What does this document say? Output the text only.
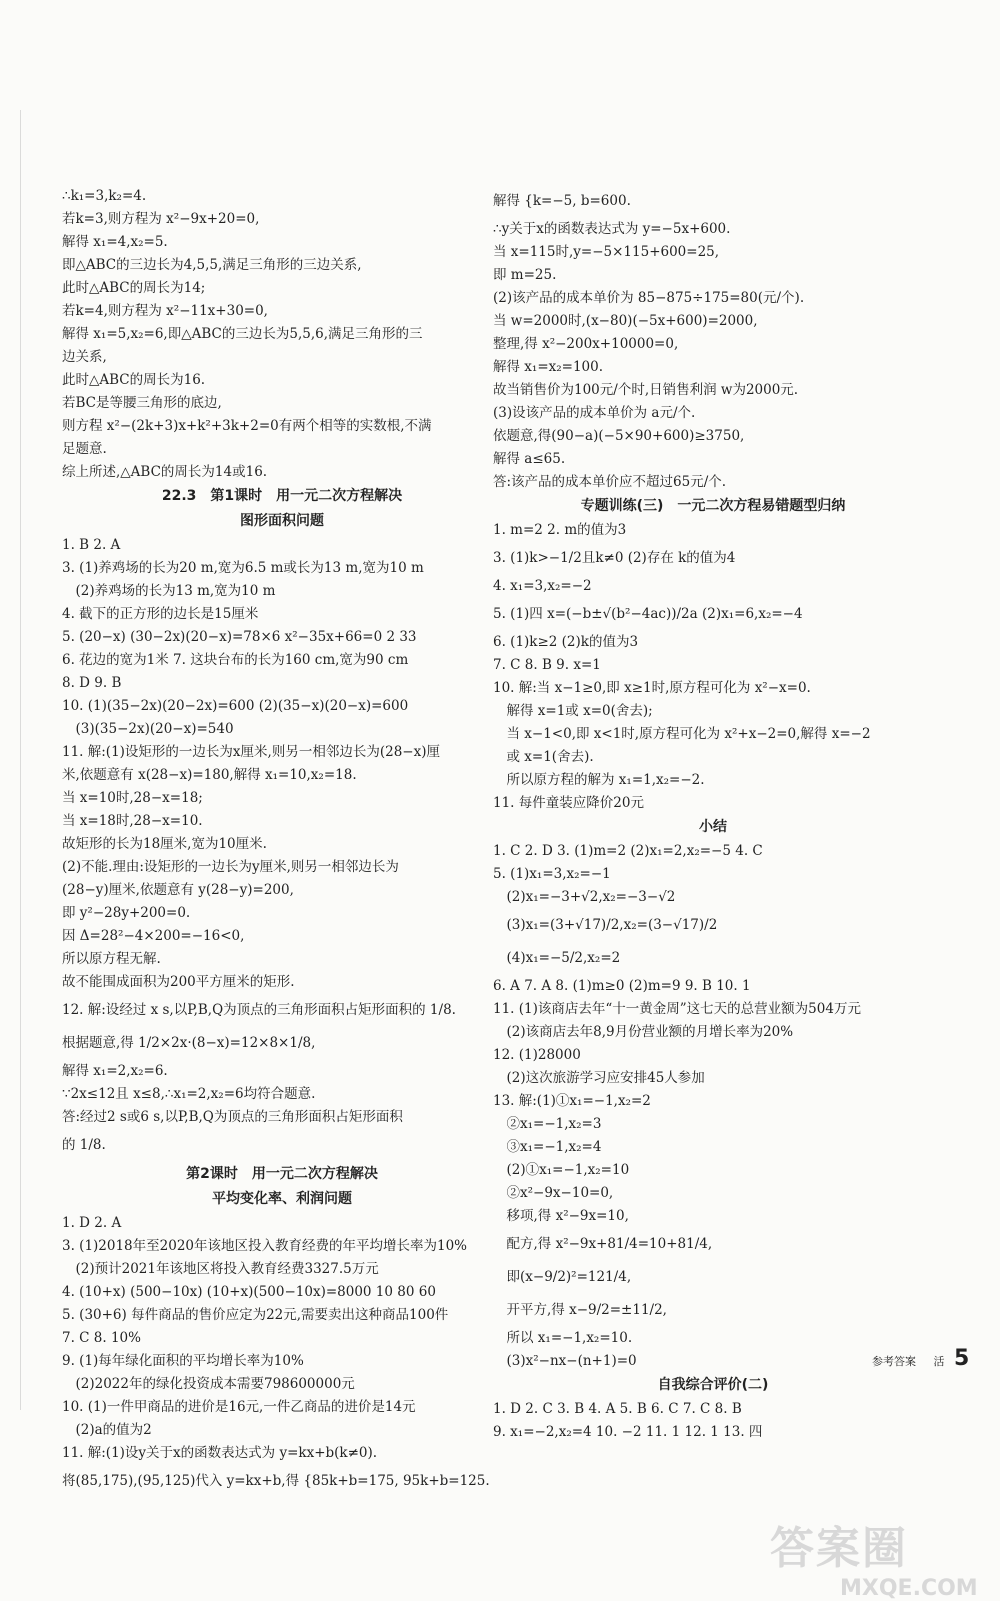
∴k₁=3,k₂=4.
若k=3,则方程为 x²−9x+20=0,
解得 x₁=4,x₂=5.
即△ABC的三边长为4,5,5,满足三角形的三边关系,
此时△ABC的周长为14;
若k=4,则方程为 x²−11x+30=0,
解得 x₁=5,x₂=6,即△ABC的三边长为5,5,6,满足三角形的三
边关系,
此时△ABC的周长为16.
若BC是等腰三角形的底边,
则方程 x²−(2k+3)x+k²+3k+2=0有两个相等的实数根,不满
足题意.
综上所述,△ABC的周长为14或16.
22.3　第1课时　用一元二次方程解决
图形面积问题
1. B 2. A
3. (1)养鸡场的长为20 m,宽为6.5 m或长为13 m,宽为10 m
　(2)养鸡场的长为13 m,宽为10 m
4. 截下的正方形的边长是15厘米
5. (20−x) (30−2x)(20−x)=78×6 x²−35x+66=0 2 33
6. 花边的宽为1米 7. 这块台布的长为160 cm,宽为90 cm
8. D 9. B
10. (1)(35−2x)(20−2x)=600 (2)(35−x)(20−x)=600
　(3)(35−2x)(20−x)=540
11. 解:(1)设矩形的一边长为x厘米,则另一相邻边长为(28−x)厘
米,依题意有 x(28−x)=180,解得 x₁=10,x₂=18.
当 x=10时,28−x=18;
当 x=18时,28−x=10.
故矩形的长为18厘米,宽为10厘米.
(2)不能.理由:设矩形的一边长为y厘米,则另一相邻边长为
(28−y)厘米,依题意有 y(28−y)=200,
即 y²−28y+200=0.
因 Δ=28²−4×200=−16<0,
所以原方程无解.
故不能围成面积为200平方厘米的矩形.
12. 解:设经过 x s,以P,B,Q为顶点的三角形面积占矩形面积的 1/8.
根据题意,得 1/2×2x·(8−x)=12×8×1/8,
解得 x₁=2,x₂=6.
∵2x≤12且 x≤8,∴x₁=2,x₂=6均符合题意.
答:经过2 s或6 s,以P,B,Q为顶点的三角形面积占矩形面积
的 1/8.
第2课时　用一元二次方程解决
平均变化率、利润问题
1. D 2. A
3. (1)2018年至2020年该地区投入教育经费的年平均增长率为10%
　(2)预计2021年该地区将投入教育经费3327.5万元
4. (10+x) (500−10x) (10+x)(500−10x)=8000 10 80 60
5. (30+6) 每件商品的售价应定为22元,需要卖出这种商品100件
7. C 8. 10%
9. (1)每年绿化面积的平均增长率为10%
　(2)2022年的绿化投资成本需要798600000元
10. (1)一件甲商品的进价是16元,一件乙商品的进价是14元
　(2)a的值为2
11. 解:(1)设y关于x的函数表达式为 y=kx+b(k≠0).
将(85,175),(95,125)代入 y=kx+b,得 {85k+b=175, 95k+b=125.
解得 {k=−5, b=600.
∴y关于x的函数表达式为 y=−5x+600.
当 x=115时,y=−5×115+600=25,
即 m=25.
(2)该产品的成本单价为 85−875÷175=80(元/个).
当 w=2000时,(x−80)(−5x+600)=2000,
整理,得 x²−200x+10000=0,
解得 x₁=x₂=100.
故当销售价为100元/个时,日销售利润 w为2000元.
(3)设该产品的成本单价为 a元/个.
依题意,得(90−a)(−5×90+600)≥3750,
解得 a≤65.
答:该产品的成本单价应不超过65元/个.
专题训练(三)　一元二次方程易错题型归纳
1. m=2 2. m的值为3
3. (1)k>−1/2且k≠0 (2)存在 k的值为4
4. x₁=3,x₂=−2
5. (1)四 x=(−b±√(b²−4ac))/2a (2)x₁=6,x₂=−4
6. (1)k≥2 (2)k的值为3
7. C 8. B 9. x=1
10. 解:当 x−1≥0,即 x≥1时,原方程可化为 x²−x=0.
　解得 x=1或 x=0(舍去);
　当 x−1<0,即 x<1时,原方程可化为 x²+x−2=0,解得 x=−2
　或 x=1(舍去).
　所以原方程的解为 x₁=1,x₂=−2.
11. 每件童装应降价20元
小结
1. C 2. D 3. (1)m=2 (2)x₁=2,x₂=−5 4. C
5. (1)x₁=3,x₂=−1
　(2)x₁=−3+√2,x₂=−3−√2
　(3)x₁=(3+√17)/2,x₂=(3−√17)/2
　(4)x₁=−5/2,x₂=2
6. A 7. A 8. (1)m≥0 (2)m=9 9. B 10. 1
11. (1)该商店去年“十一黄金周”这七天的总营业额为504万元
　(2)该商店去年8,9月份营业额的月增长率为20%
12. (1)28000
　(2)这次旅游学习应安排45人参加
13. 解:(1)①x₁=−1,x₂=2
　②x₁=−1,x₂=3
　③x₁=−1,x₂=4
　(2)①x₁=−1,x₂=10
　②x²−9x−10=0,
　移项,得 x²−9x=10,
　配方,得 x²−9x+81/4=10+81/4,
　即(x−9/2)²=121/4,
　开平方,得 x−9/2=±11/2,
　所以 x₁=−1,x₂=10.
　(3)x²−nx−(n+1)=0
自我综合评价(二)
1. D 2. C 3. B 4. A 5. B 6. C 7. C 8. B
9. x₁=−2,x₂=4 10. −2 11. 1 12. 1 13. 四
参考答案 活 5
答案圈
MXQE.COM
